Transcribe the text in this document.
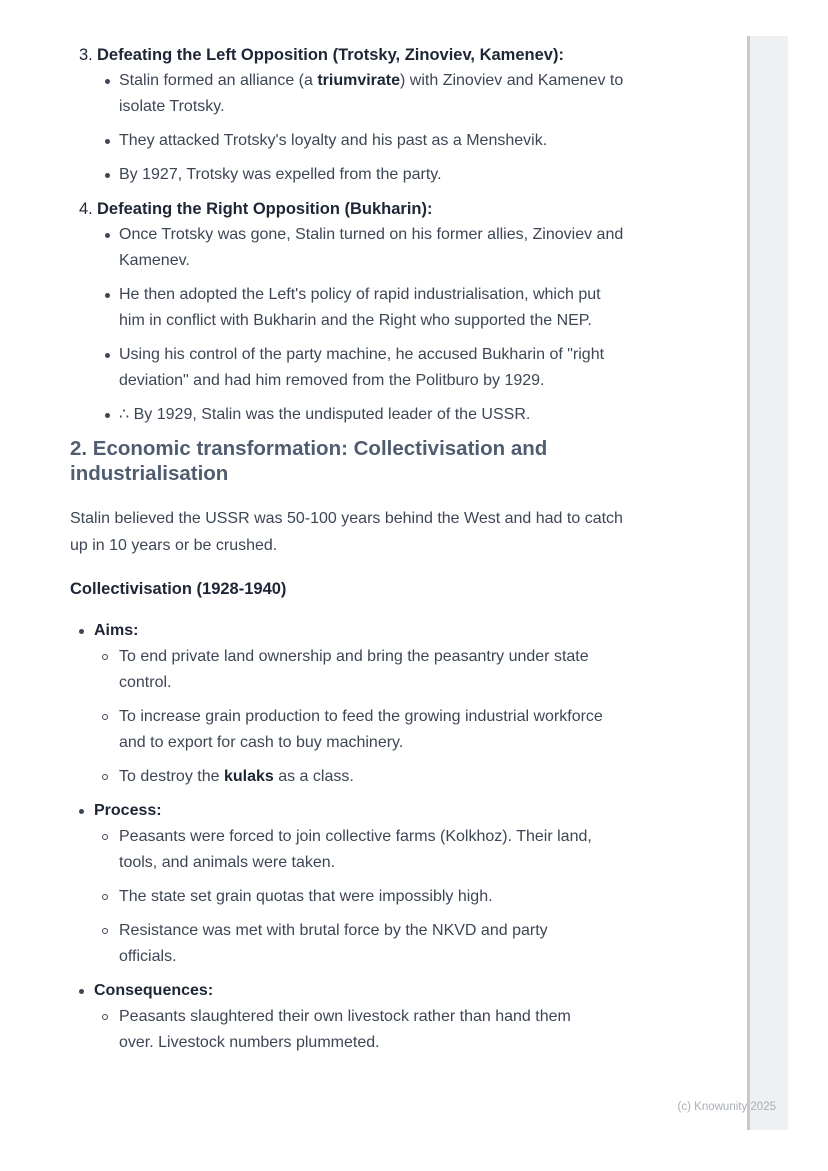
3. Defeating the Left Opposition (Trotsky, Zinoviev, Kamenev):

Stalin formed an alliance (a triumvirate) with Zinoviev and Kamenev to isolate Trotsky.

They attacked Trotsky's loyalty and his past as a Menshevik.

By 1927, Trotsky was expelled from the party.

4. Defeating the Right Opposition (Bukharin):

Once Trotsky was gone, Stalin turned on his former allies, Zinoviev and Kamenev.

He then adopted the Left's policy of rapid industrialisation, which put him in conflict with Bukharin and the Right who supported the NEP.

Using his control of the party machine, he accused Bukharin of "right deviation" and had him removed from the Politburo by 1929.

∴ By 1929, Stalin was the undisputed leader of the USSR.

2. Economic transformation: Collectivisation and industrialisation

Stalin believed the USSR was 50-100 years behind the West and had to catch up in 10 years or be crushed.

Collectivisation (1928-1940)
Aims:

To end private land ownership and bring the peasantry under state control.

To increase grain production to feed the growing industrial workforce and to export for cash to buy machinery.

To destroy the kulaks as a class.

Process:

Peasants were forced to join collective farms (Kolkhoz). Their land, tools, and animals were taken.

The state set grain quotas that were impossibly high.

Resistance was met with brutal force by the NKVD and party officials.

Consequences:

Peasants slaughtered their own livestock rather than hand them over. Livestock numbers plummeted.

(c) Knowunity 2025
